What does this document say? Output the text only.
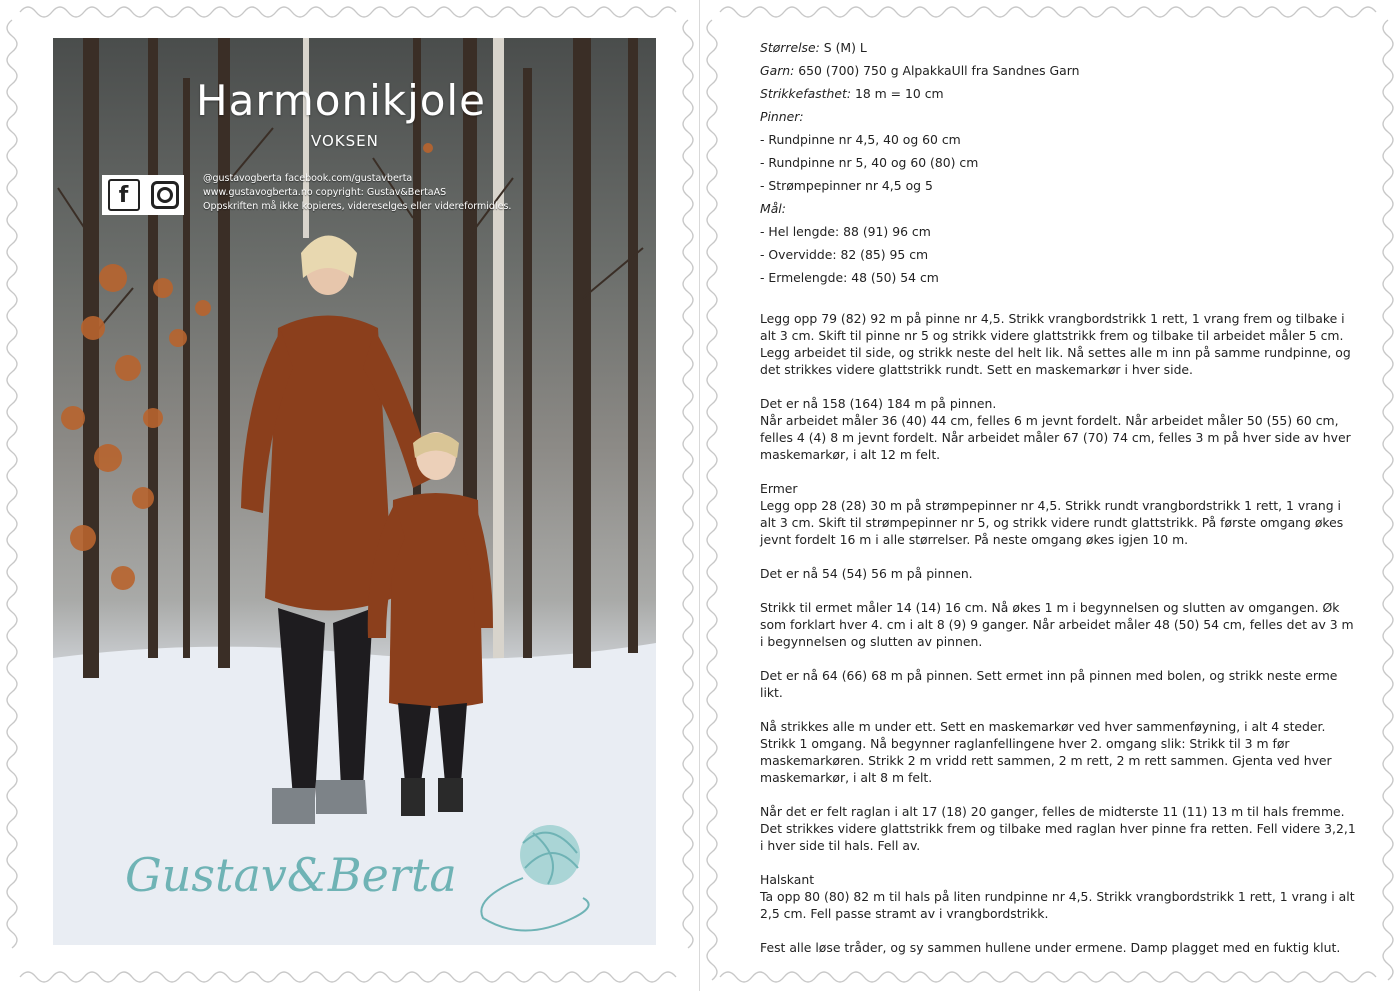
Harmonikjole
VOKSEN
f
@gustavogberta facebook.com/gustavberta
www.gustavogberta.no copyright: Gustav&BertaAS
Oppskriften må ikke kopieres, videreselges eller videreformidles.
Gustav&Berta
Størrelse: S (M) L
Garn: 650 (700) 750 g AlpakkaUll fra Sandnes Garn
Strikkefasthet: 18 m = 10 cm
Pinner:
- Rundpinne nr 4,5, 40 og 60 cm
- Rundpinne nr 5, 40 og 60 (80) cm
- Strømpepinner nr 4,5 og 5
Mål:
- Hel lengde: 88 (91) 96 cm
- Overvidde: 82 (85) 95 cm
- Ermelengde: 48 (50) 54 cm

Legg opp 79 (82) 92 m på pinne nr 4,5. Strikk vrangbordstrikk 1 rett, 1 vrang frem og tilbake i alt 3 cm. Skift til pinne nr 5 og strikk videre glattstrikk frem og tilbake til arbeidet måler 5 cm. Legg arbeidet til side, og strikk neste del helt lik. Nå settes alle m inn på samme rundpinne, og det strikkes videre glattstrikk rundt. Sett en maskemarkør i hver side.

Det er nå 158 (164) 184 m på pinnen.
Når arbeidet måler 36 (40) 44 cm, felles 6 m jevnt fordelt. Når arbeidet måler 50 (55) 60 cm, felles 4 (4) 8 m jevnt fordelt. Når arbeidet måler 67 (70) 74 cm, felles 3 m på hver side av hver maskemarkør, i alt 12 m felt.

Ermer
Legg opp 28 (28) 30 m på strømpepinner nr 4,5. Strikk rundt vrangbordstrikk 1 rett, 1 vrang i alt 3 cm. Skift til strømpepinner nr 5, og strikk videre rundt glattstrikk. På første omgang økes jevnt fordelt 16 m i alle størrelser. På neste omgang økes igjen 10 m.

Det er nå 54 (54) 56 m på pinnen.

Strikk til ermet måler 14 (14) 16 cm. Nå økes 1 m i begynnelsen og slutten av omgangen. Øk som forklart hver 4. cm i alt 8 (9) 9 ganger. Når arbeidet måler 48 (50) 54 cm, felles det av 3 m i begynnelsen og slutten av pinnen.

Det er nå 64 (66) 68 m på pinnen. Sett ermet inn på pinnen med bolen, og strikk neste erme likt.

Nå strikkes alle m under ett. Sett en maskemarkør ved hver sammenføyning, i alt 4 steder. Strikk 1 omgang. Nå begynner raglanfellingene hver 2. omgang slik: Strikk til 3 m før maskemarkøren. Strikk 2 m vridd rett sammen, 2 m rett, 2 m rett sammen. Gjenta ved hver maskemarkør, i alt 8 m felt.

Når det er felt raglan i alt 17 (18) 20 ganger, felles de midterste 11 (11) 13 m til hals fremme. Det strikkes videre glattstrikk frem og tilbake med raglan hver pinne fra retten. Fell videre 3,2,1 i hver side til hals. Fell av.

Halskant
Ta opp 80 (80) 82 m til hals på liten rundpinne nr 4,5. Strikk vrangbordstrikk 1 rett, 1 vrang i alt 2,5 cm. Fell passe stramt av i vrangbordstrikk.

Fest alle løse tråder, og sy sammen hullene under ermene. Damp plagget med en fuktig klut.
